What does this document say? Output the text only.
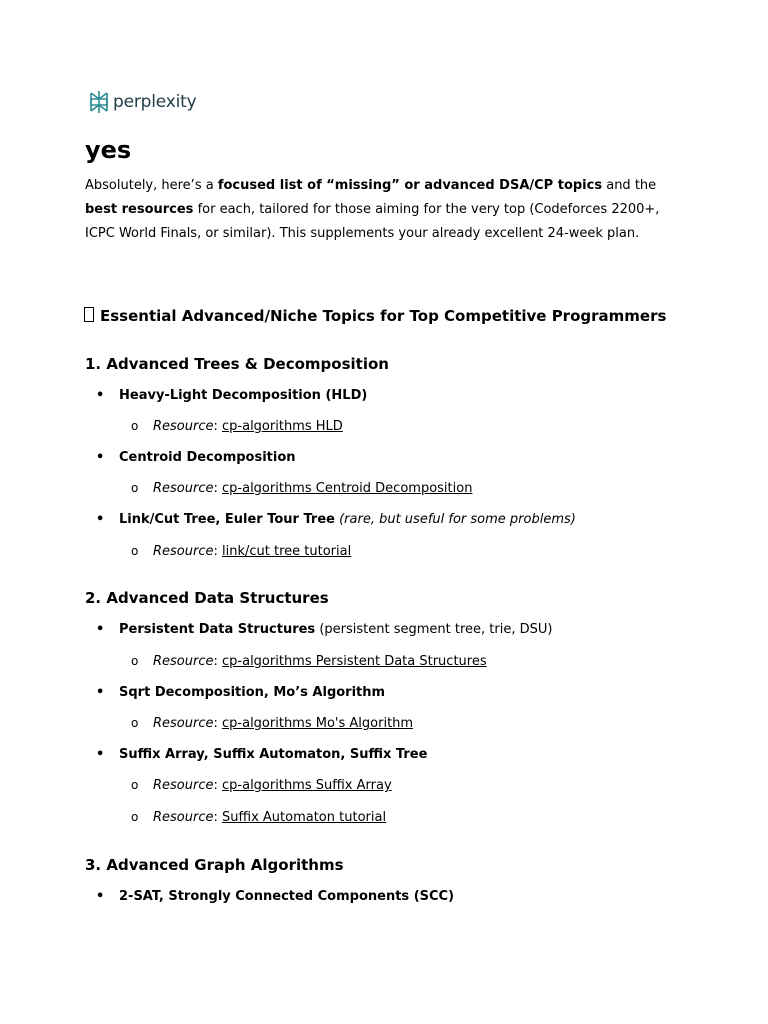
perplexity
yes

Absolutely, here’s a focused list of “missing” or advanced DSA/CP topics and the best resources for each, tailored for those aiming for the very top (Codeforces 2200+, ICPC World Finals, or similar). This supplements your already excellent 24-week plan.

Essential Advanced/Niche Topics for Top Competitive Programmers
1. Advanced Trees & Decomposition
• Heavy-Light Decomposition (HLD)
o Resource: cp-algorithms HLD
• Centroid Decomposition
o Resource: cp-algorithms Centroid Decomposition
• Link/Cut Tree, Euler Tour Tree (rare, but useful for some problems)
o Resource: link/cut tree tutorial
2. Advanced Data Structures
• Persistent Data Structures (persistent segment tree, trie, DSU)
o Resource: cp-algorithms Persistent Data Structures
• Sqrt Decomposition, Mo’s Algorithm
o Resource: cp-algorithms Mo's Algorithm
• Suffix Array, Suffix Automaton, Suffix Tree
o Resource: cp-algorithms Suffix Array
o Resource: Suffix Automaton tutorial
3. Advanced Graph Algorithms
• 2-SAT, Strongly Connected Components (SCC)
